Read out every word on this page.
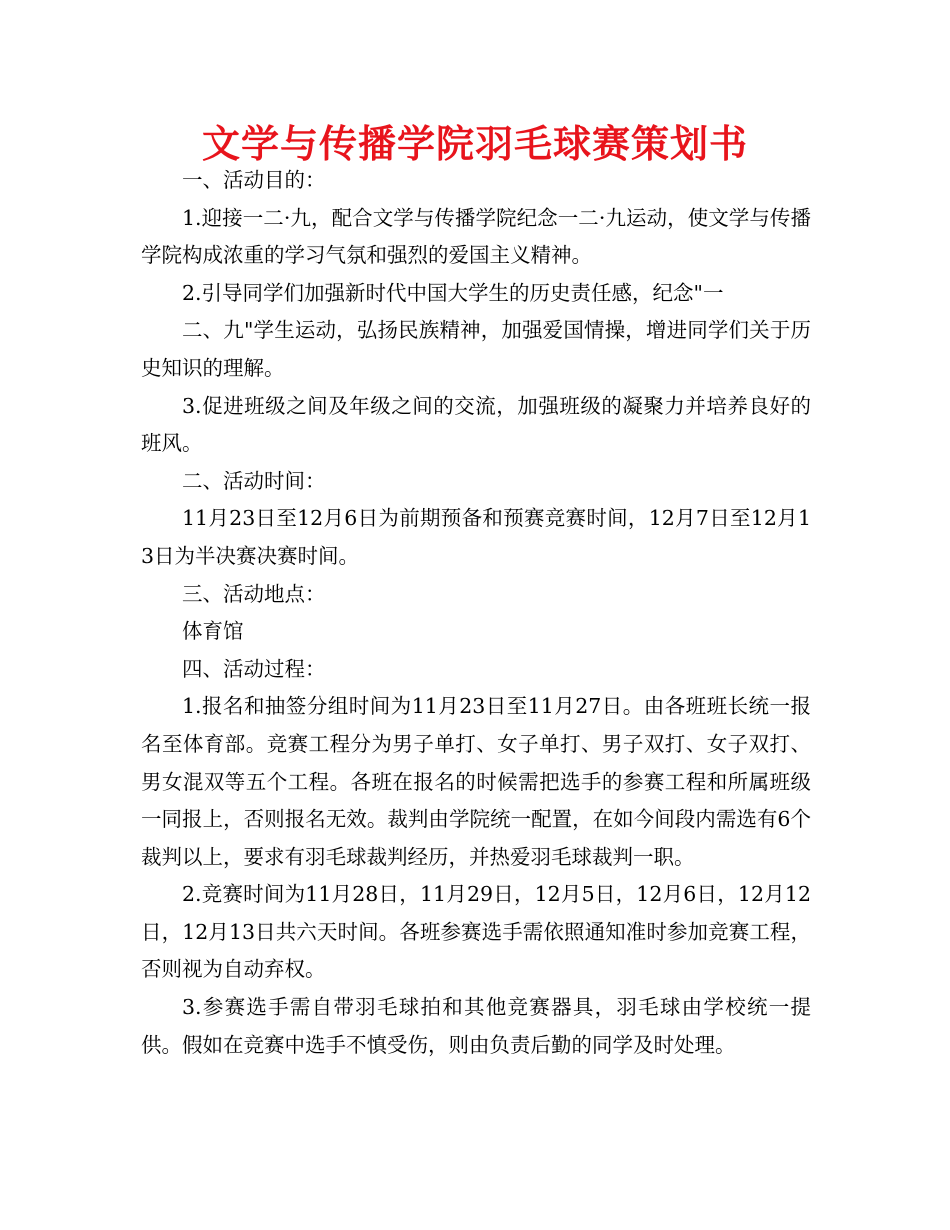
文学与传播学院羽毛球赛策划书

一、活动目的：

1.迎接一二·九，配合文学与传播学院纪念一二·九运动，使文学与传播学院构成浓重的学习气氛和强烈的爱国主义精神。

2.引导同学们加强新时代中国大学生的历史责任感，纪念"一

二、九"学生运动，弘扬民族精神，加强爱国情操，增进同学们关于历史知识的理解。

3.促进班级之间及年级之间的交流，加强班级的凝聚力并培养良好的班风。

二、活动时间：

11月23日至12月6日为前期预备和预赛竞赛时间，12月7日至12月13日为半决赛决赛时间。

三、活动地点：

体育馆

四、活动过程：

1.报名和抽签分组时间为11月23日至11月27日。由各班班长统一报名至体育部。竞赛工程分为男子单打、女子单打、男子双打、女子双打、男女混双等五个工程。各班在报名的时候需把选手的参赛工程和所属班级一同报上，否则报名无效。裁判由学院统一配置，在如今间段内需选有6个裁判以上，要求有羽毛球裁判经历，并热爱羽毛球裁判一职。

2.竞赛时间为11月28日，11月29日，12月5日，12月6日，12月12日，12月13日共六天时间。各班参赛选手需依照通知准时参加竞赛工程，否则视为自动弃权。

3.参赛选手需自带羽毛球拍和其他竞赛器具，羽毛球由学校统一提供。假如在竞赛中选手不慎受伤，则由负责后勤的同学及时处理。
